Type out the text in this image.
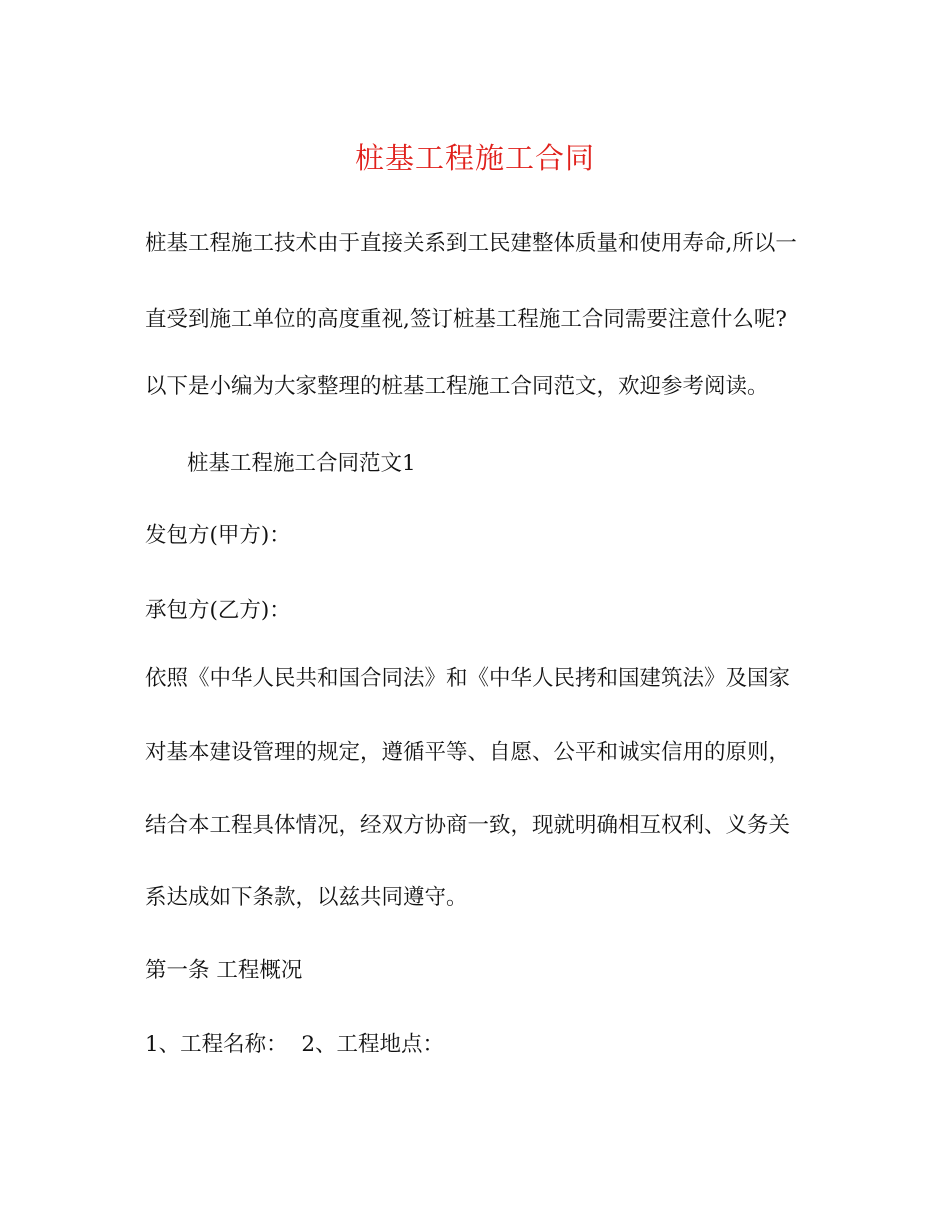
桩基工程施工合同
桩基工程施工技术由于直接关系到工民建整体质量和使用寿命,所以一
直受到施工单位的高度重视,签订桩基工程施工合同需要注意什么呢?
以下是小编为大家整理的桩基工程施工合同范文，欢迎参考阅读。
桩基工程施工合同范文1
发包方(甲方)：
承包方(乙方)：
依照《中华人民共和国合同法》和《中华人民拷和国建筑法》及国家
对基本建设管理的规定，遵循平等、自愿、公平和诚实信用的原则，
结合本工程具体情况，经双方协商一致，现就明确相互权利、义务关
系达成如下条款，以兹共同遵守。
第一条 工程概况
1、工程名称：  2、工程地点：
